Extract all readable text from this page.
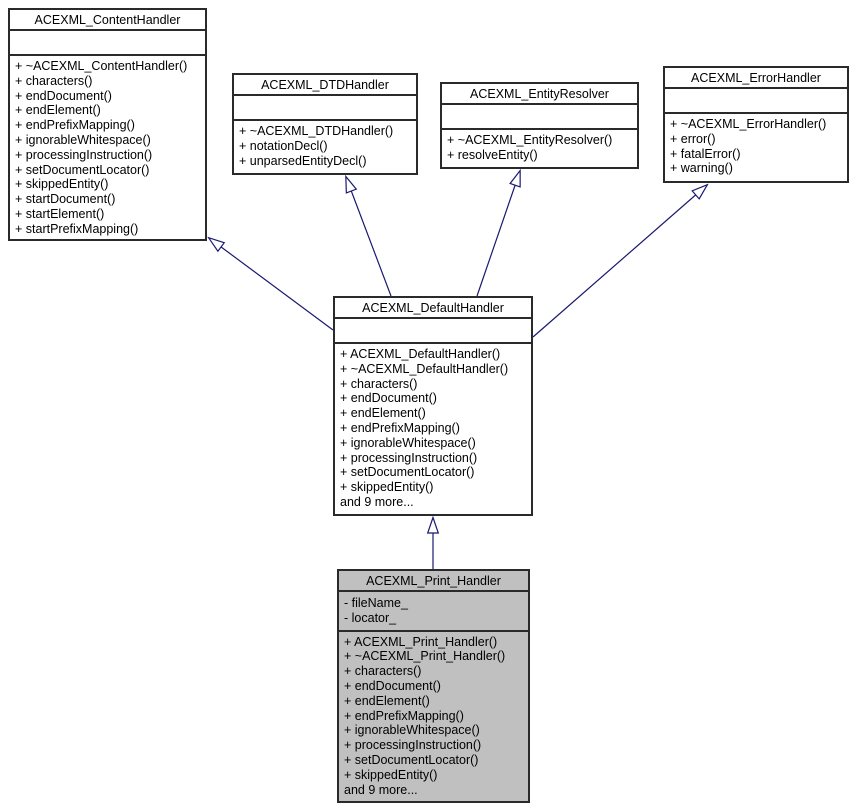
ACEXML_ContentHandler
+ ~ACEXML_ContentHandler()
+ characters()
+ endDocument()
+ endElement()
+ endPrefixMapping()
+ ignorableWhitespace()
+ processingInstruction()
+ setDocumentLocator()
+ skippedEntity()
+ startDocument()
+ startElement()
+ startPrefixMapping()
ACEXML_DTDHandler
+ ~ACEXML_DTDHandler()
+ notationDecl()
+ unparsedEntityDecl()
ACEXML_EntityResolver
+ ~ACEXML_EntityResolver()
+ resolveEntity()
ACEXML_ErrorHandler
+ ~ACEXML_ErrorHandler()
+ error()
+ fatalError()
+ warning()
ACEXML_DefaultHandler
+ ACEXML_DefaultHandler()
+ ~ACEXML_DefaultHandler()
+ characters()
+ endDocument()
+ endElement()
+ endPrefixMapping()
+ ignorableWhitespace()
+ processingInstruction()
+ setDocumentLocator()
+ skippedEntity()
and 9 more...
ACEXML_Print_Handler
- fileName_
- locator_
+ ACEXML_Print_Handler()
+ ~ACEXML_Print_Handler()
+ characters()
+ endDocument()
+ endElement()
+ endPrefixMapping()
+ ignorableWhitespace()
+ processingInstruction()
+ setDocumentLocator()
+ skippedEntity()
and 9 more...
